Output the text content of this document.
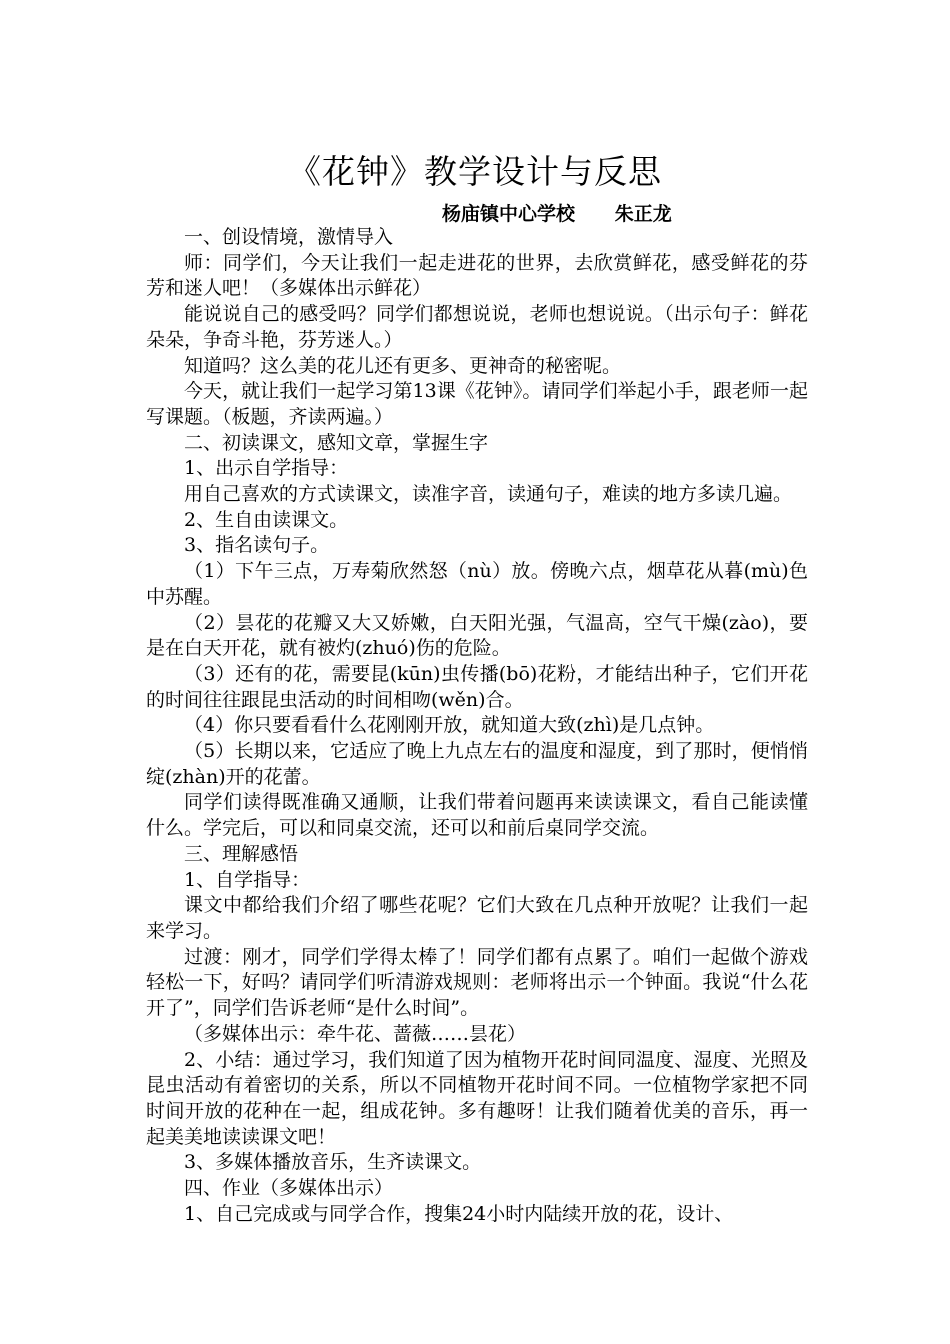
《花钟》教学设计与反思
杨庙镇中心学校      朱正龙

一、创设情境，激情导入

师：同学们，今天让我们一起走进花的世界，去欣赏鲜花，感受鲜花的芬芳和迷人吧！（多媒体出示鲜花）

能说说自己的感受吗？同学们都想说说，老师也想说说。（出示句子：鲜花朵朵，争奇斗艳，芬芳迷人。）

知道吗？这么美的花儿还有更多、更神奇的秘密呢。

今天，就让我们一起学习第13课《花钟》。请同学们举起小手，跟老师一起写课题。（板题，齐读两遍。）

二、初读课文，感知文章，掌握生字

1、出示自学指导：

用自己喜欢的方式读课文，读准字音，读通句子，难读的地方多读几遍。

2、生自由读课文。

3、指名读句子。

（1）下午三点，万寿菊欣然怒（nù）放。傍晚六点，烟草花从暮(mù)色中苏醒。

（2）昙花的花瓣又大又娇嫩，白天阳光强，气温高，空气干燥(zào)，要是在白天开花，就有被灼(zhuó)伤的危险。

（3）还有的花，需要昆(kūn)虫传播(bō)花粉，才能结出种子，它们开花的时间往往跟昆虫活动的时间相吻(wěn)合。

（4）你只要看看什么花刚刚开放，就知道大致(zhì)是几点钟。

（5）长期以来，它适应了晚上九点左右的温度和湿度，到了那时，便悄悄绽(zhàn)开的花蕾。

同学们读得既准确又通顺，让我们带着问题再来读读课文，看自己能读懂什么。学完后，可以和同桌交流，还可以和前后桌同学交流。

三、理解感悟

1、自学指导：

课文中都给我们介绍了哪些花呢？它们大致在几点种开放呢？让我们一起来学习。

过渡：刚才，同学们学得太棒了！同学们都有点累了。咱们一起做个游戏轻松一下，好吗？请同学们听清游戏规则：老师将出示一个钟面。我说“什么花开了”，同学们告诉老师“是什么时间”。

（多媒体出示：牵牛花、蔷薇……昙花）

2、小结：通过学习，我们知道了因为植物开花时间同温度、湿度、光照及昆虫活动有着密切的关系，所以不同植物开花时间不同。一位植物学家把不同时间开放的花种在一起，组成花钟。多有趣呀！让我们随着优美的音乐，再一起美美地读读课文吧！

3、多媒体播放音乐，生齐读课文。

四、作业（多媒体出示）

1、自己完成或与同学合作，搜集24小时内陆续开放的花，设计、
